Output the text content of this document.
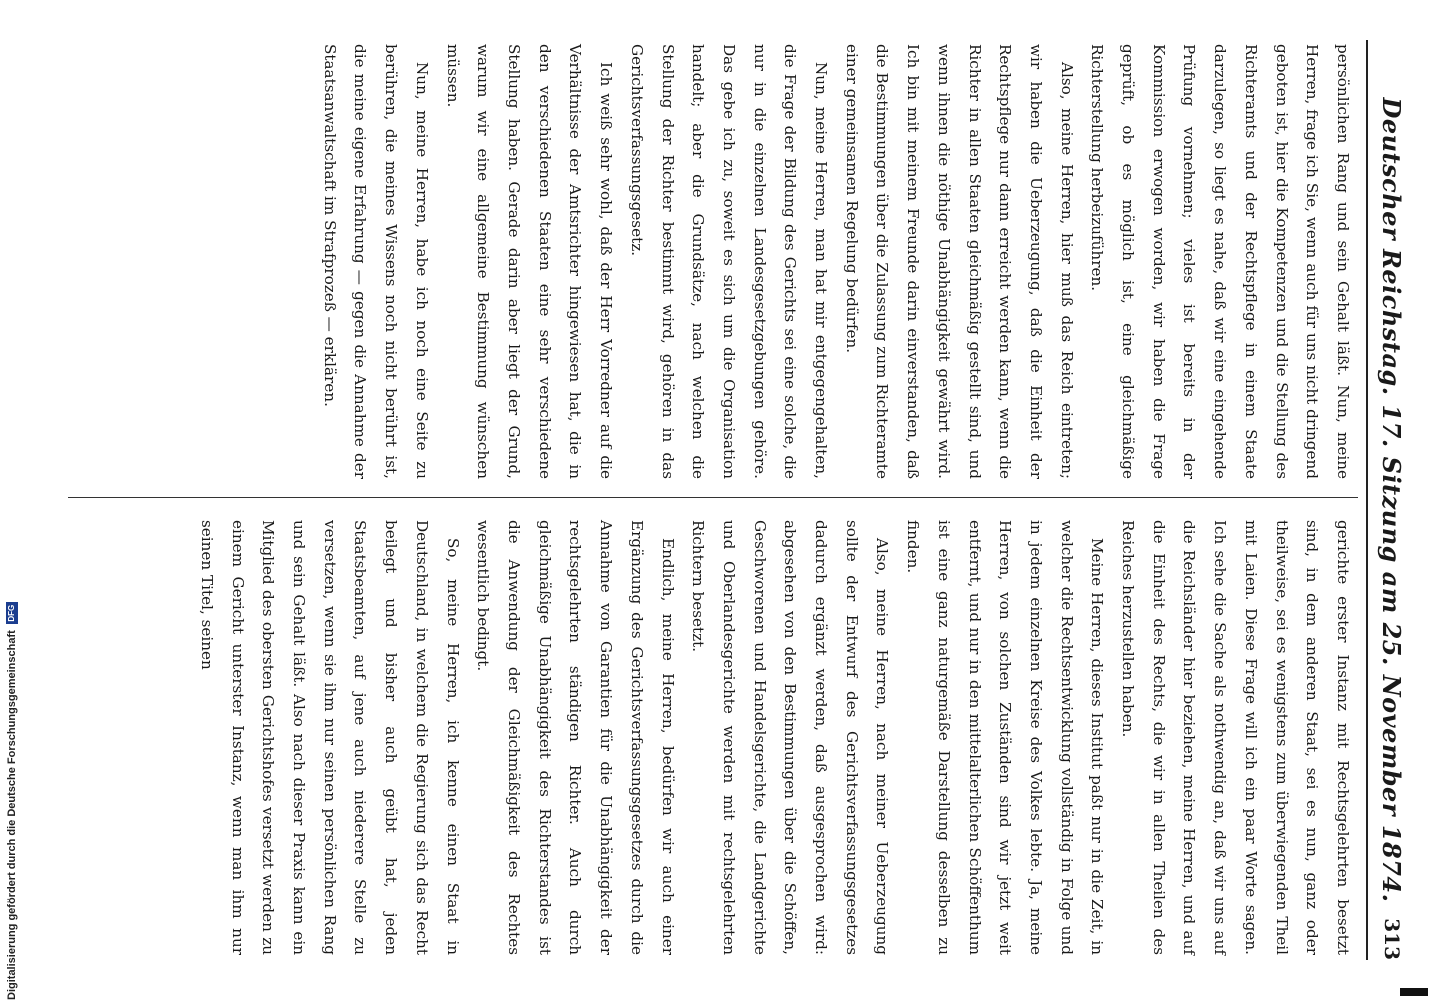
Deutscher Reichstag. 17. Sitzung am 25. November 1874.
313

persönlichen Rang und sein Gehalt läßt. Nun, meine Herren, frage ich Sie, wenn auch für uns nicht dringend geboten ist, hier die Kompetenzen und die Stellung des Richteramts und der Rechtspflege in einem Staate darzulegen, so liegt es nahe, daß wir eine eingehende Prüfung vornehmen; vieles ist bereits in der Kommission erwogen worden, wir haben die Frage geprüft, ob es möglich ist, eine gleichmäßige Richterstellung herbeizuführen.

Also, meine Herren, hier muß das Reich eintreten; wir haben die Ueberzeugung, daß die Einheit der Rechtspflege nur dann erreicht werden kann, wenn die Richter in allen Staaten gleichmäßig gestellt sind, und wenn ihnen die nöthige Unabhängigkeit gewährt wird. Ich bin mit meinem Freunde darin einverstanden, daß die Bestimmungen über die Zulassung zum Richteramte einer gemeinsamen Regelung bedürfen.

Nun, meine Herren, man hat mir entgegengehalten, die Frage der Bildung des Gerichts sei eine solche, die nur in die einzelnen Landesgesetzgebungen gehöre. Das gebe ich zu, soweit es sich um die Organisation handelt; aber die Grundsätze, nach welchen die Stellung der Richter bestimmt wird, gehören in das Gerichtsverfassungsgesetz.

Ich weiß sehr wohl, daß der Herr Vorredner auf die Verhältnisse der Amtsrichter hingewiesen hat, die in den verschiedenen Staaten eine sehr verschiedene Stellung haben. Gerade darin aber liegt der Grund, warum wir eine allgemeine Bestimmung wünschen müssen.

Nun, meine Herren, habe ich noch eine Seite zu berühren, die meines Wissens noch nicht berührt ist, die meine eigene Erfahrung — gegen die Annahme der Staatsanwaltschaft im Strafprozeß — erklären.

gerichte erster Instanz mit Rechtsgelehrten besetzt sind, in dem anderen Staat, sei es nun, ganz oder theilweise, sei es wenigstens zum überwiegenden Theil mit Laien. Diese Frage will ich ein paar Worte sagen. Ich sehe die Sache als nothwendig an, daß wir uns auf die Reichsländer hier beziehen, meine Herren, und auf die Einheit des Rechts, die wir in allen Theilen des Reiches herzustellen haben.

Meine Herren, dieses Institut paßt nur in die Zeit, in welcher die Rechtsentwicklung vollständig in Folge und in jedem einzelnen Kreise des Volkes lebte. Ja, meine Herren, von solchen Zuständen sind wir jetzt weit entfernt, und nur in den mittelalterlichen Schöffenthum ist eine ganz naturgemäße Darstellung desselben zu finden.

Also, meine Herren, nach meiner Ueberzeugung sollte der Entwurf des Gerichtsverfassungsgesetzes dadurch ergänzt werden, daß ausgesprochen wird: abgesehen von den Bestimmungen über die Schöffen, Geschworenen und Handelsgerichte, die Landgerichte und Oberlandesgerichte werden mit rechtsgelehrten Richtern besetzt.

Endlich, meine Herren, bedürfen wir auch einer Ergänzung des Gerichtsverfassungsgesetzes durch die Annahme von Garantien für die Unabhängigkeit der rechtsgelehrten ständigen Richter. Auch durch gleichmäßige Unabhängigkeit des Richterstandes ist die Anwendung der Gleichmäßigkeit des Rechtes wesentlich bedingt.

So, meine Herren, ich kenne einen Staat in Deutschland, in welchem die Regierung sich das Recht beilegt und bisher auch geübt hat, jeden Staatsbeamten, auf jene auch niederere Stelle zu versetzen, wenn sie ihm nur seinen persönlichen Rang und sein Gehalt läßt. Also nach dieser Praxis kann ein Mitglied des obersten Gerichtshofes versetzt werden zu einem Gericht unterster Instanz, wenn man ihm nur seinen Titel, seinen

Digitalisierung gefördert durch die Deutsche Forschungsgemeinschaft
DFG
